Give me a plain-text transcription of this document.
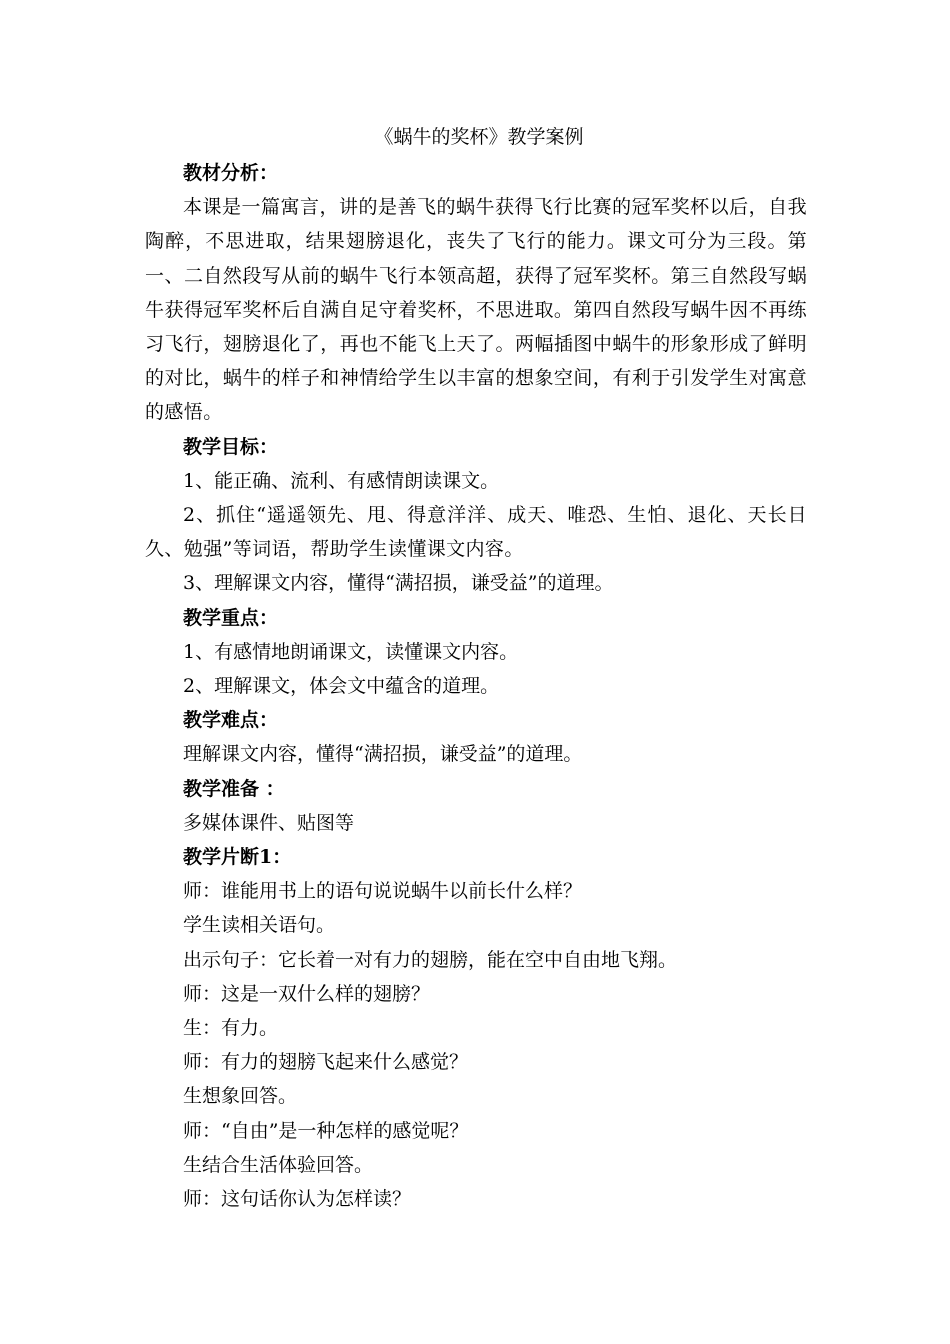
《蜗牛的奖杯》教学案例
教材分析：
本课是一篇寓言，讲的是善飞的蜗牛获得飞行比赛的冠军奖杯以后，自我陶醉，不思进取，结果翅膀退化，丧失了飞行的能力。课文可分为三段。第一、二自然段写从前的蜗牛飞行本领高超，获得了冠军奖杯。第三自然段写蜗牛获得冠军奖杯后自满自足守着奖杯，不思进取。第四自然段写蜗牛因不再练习飞行，翅膀退化了，再也不能飞上天了。两幅插图中蜗牛的形象形成了鲜明的对比，蜗牛的样子和神情给学生以丰富的想象空间，有利于引发学生对寓意的感悟。
教学目标：
1、能正确、流利、有感情朗读课文。
2、抓住“遥遥领先、甩、得意洋洋、成天、唯恐、生怕、退化、天长日久、勉强”等词语，帮助学生读懂课文内容。
3、理解课文内容，懂得“满招损，谦受益”的道理。
教学重点：
1、有感情地朗诵课文，读懂课文内容。
2、理解课文，体会文中蕴含的道理。
教学难点：
理解课文内容，懂得“满招损，谦受益”的道理。
教学准备 ：
多媒体课件、贴图等
教学片断1：
师：谁能用书上的语句说说蜗牛以前长什么样？
学生读相关语句。
出示句子：它长着一对有力的翅膀，能在空中自由地飞翔。
师：这是一双什么样的翅膀？
生：有力。
师：有力的翅膀飞起来什么感觉？
生想象回答。
师：“自由”是一种怎样的感觉呢？
生结合生活体验回答。
师：这句话你认为怎样读？
